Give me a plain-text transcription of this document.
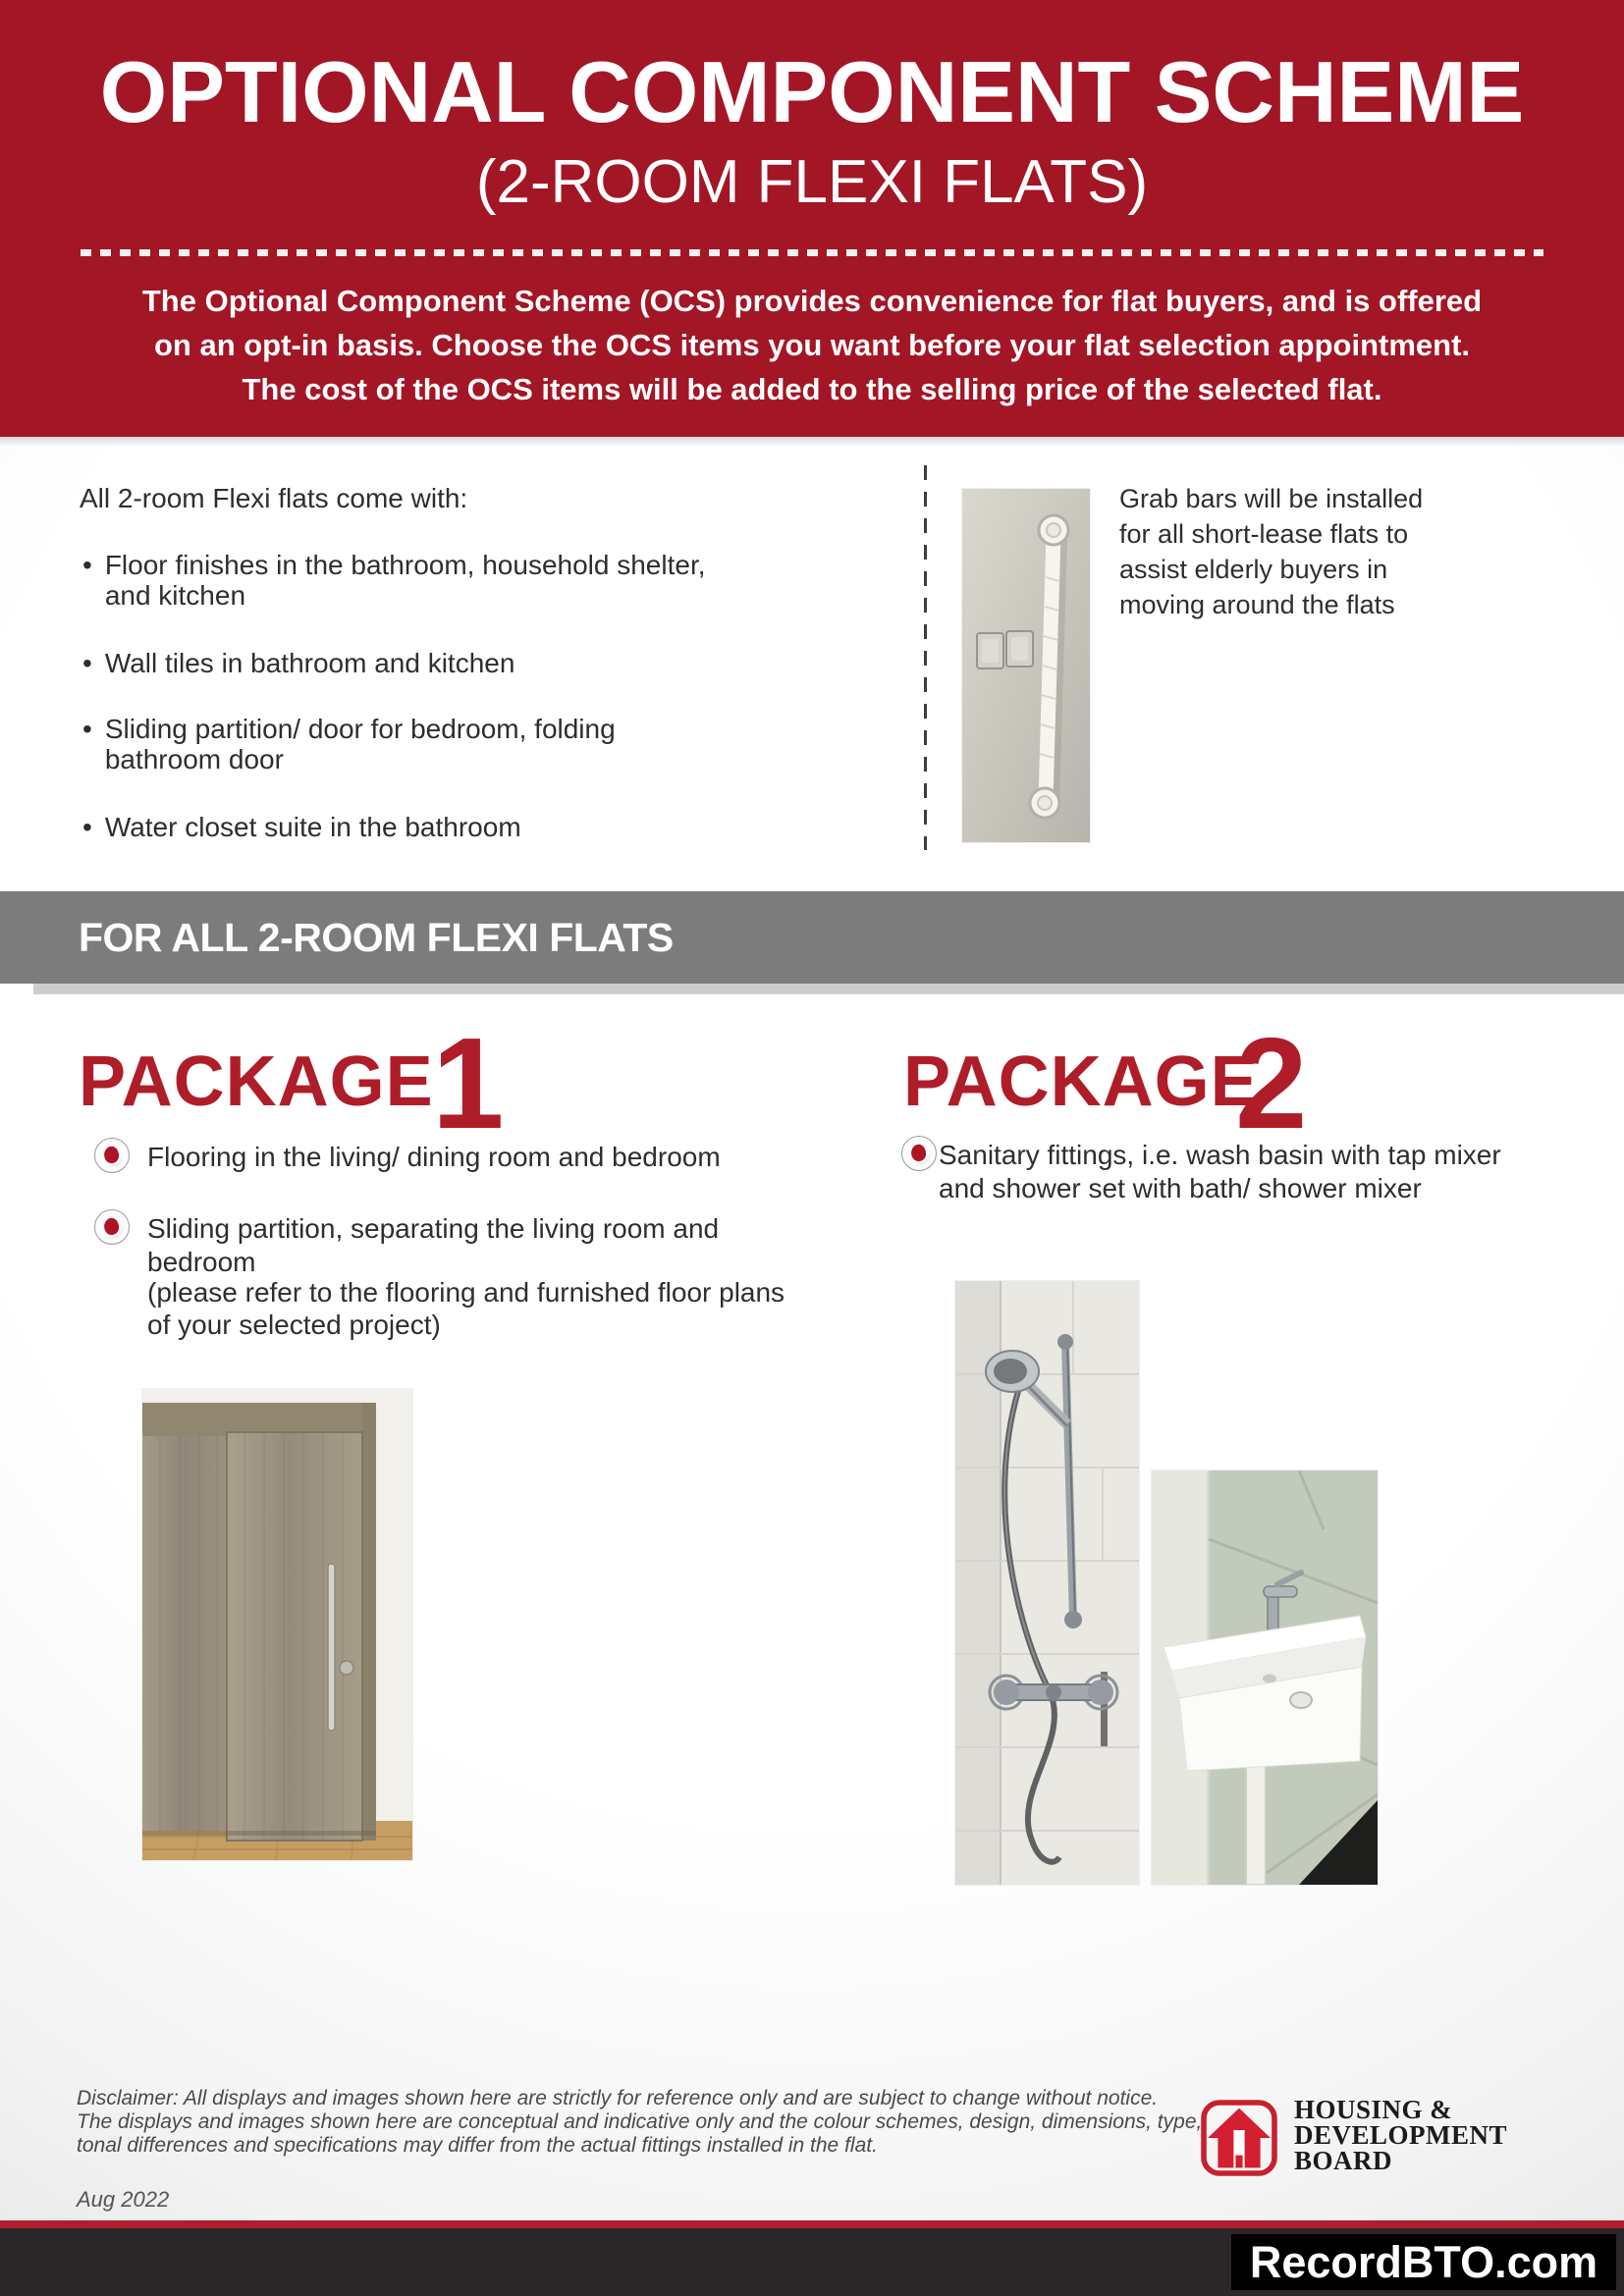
OPTIONAL COMPONENT SCHEME
(2-ROOM FLEXI FLATS)
The Optional Component Scheme (OCS) provides convenience for flat buyers, and is offered
on an opt-in basis. Choose the OCS items you want before your flat selection appointment.
The cost of the OCS items will be added to the selling price of the selected flat.
All 2-room Flexi flats come with:
• Floor finishes in the bathroom, household shelter, and kitchen
• Wall tiles in bathroom and kitchen
• Sliding partition/ door for bedroom, folding bathroom door
• Water closet suite in the bathroom
Grab bars will be installed for all short-lease flats to assist elderly buyers in moving around the flats
FOR ALL 2-ROOM FLEXI FLATS
PACKAGE
1	PACKAGE
2
Flooring in the living/ dining room and bedroom
Sliding partition, separating the living room and bedroom
(please refer to the flooring and furnished floor plans of your selected project)
Sanitary fittings, i.e. wash basin with tap mixer and shower set with bath/ shower mixer
Disclaimer: All displays and images shown here are strictly for reference only and are subject to change without notice.
The displays and images shown here are conceptual and indicative only and the colour schemes, design, dimensions, type,
tonal differences and specifications may differ from the actual fittings installed in the flat.
Aug 2022
HOUSING &
DEVELOPMENT
BOARD
RecordBTO.com
